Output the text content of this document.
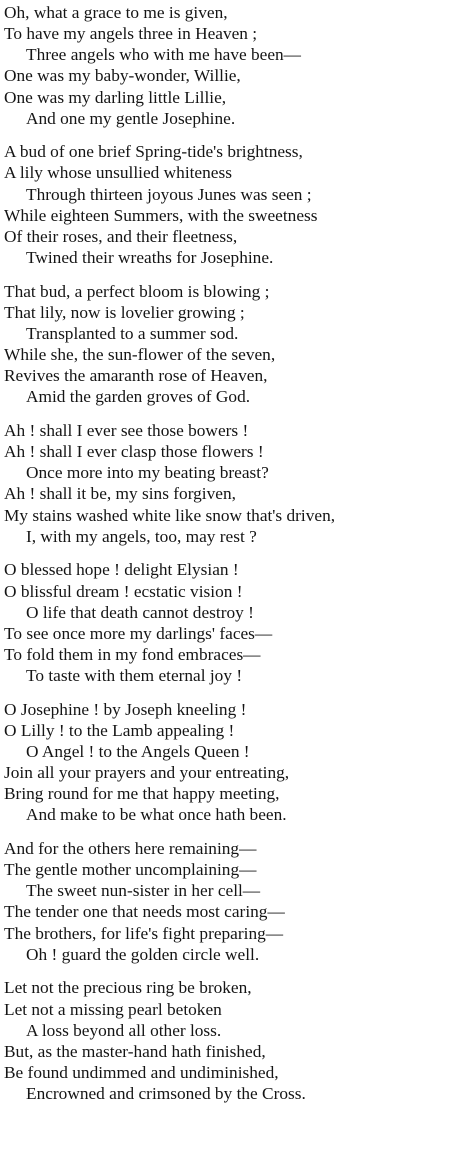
Oh, what a grace to me is given,
To have my angels three in Heaven ;
Three angels who with me have been—
One was my baby-wonder, Willie,
One was my darling little Lillie,
And one my gentle Josephine.
A bud of one brief Spring-tide's brightness,
A lily whose unsullied whiteness
Through thirteen joyous Junes was seen ;
While eighteen Summers, with the sweetness
Of their roses, and their fleetness,
Twined their wreaths for Josephine.
That bud, a perfect bloom is blowing ;
That lily, now is lovelier growing ;
Transplanted to a summer sod.
While she, the sun-flower of the seven,
Revives the amaranth rose of Heaven,
Amid the garden groves of God.
Ah ! shall I ever see those bowers !
Ah ! shall I ever clasp those flowers !
Once more into my beating breast?
Ah ! shall it be, my sins forgiven,
My stains washed white like snow that's driven,
I, with my angels, too, may rest ?
O blessed hope ! delight Elysian !
O blissful dream ! ecstatic vision !
O life that death cannot destroy !
To see once more my darlings' faces—
To fold them in my fond embraces—
To taste with them eternal joy !
O Josephine ! by Joseph kneeling !
O Lilly ! to the Lamb appealing !
O Angel ! to the Angels Queen !
Join all your prayers and your entreating,
Bring round for me that happy meeting,
And make to be what once hath been.
And for the others here remaining—
The gentle mother uncomplaining—
The sweet nun-sister in her cell—
The tender one that needs most caring—
The brothers, for life's fight preparing—
Oh ! guard the golden circle well.
Let not the precious ring be broken,
Let not a missing pearl betoken
A loss beyond all other loss.
But, as the master-hand hath finished,
Be found undimmed and undiminished,
Encrowned and crimsoned by the Cross.
